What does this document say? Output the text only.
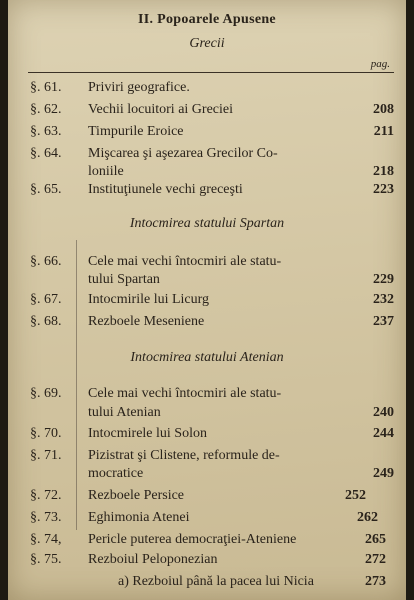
II. Popoarele Apusene
Grecii
pag.
§. 61. Priviri geografice.
§. 62. Vechii locuitori ai Greciei	208
§. 63. Timpurile Eroice	211
§. 64. Mişcarea şi aşezarea Grecilor Co-
loniile	218
§. 65. Instituţiunele vechi greceşti	223
Intocmirea statului Spartan
§. 66. Cele mai vechi întocmiri ale statu-
tului Spartan	229
§. 67. Intocmirile lui Licurg	232
§. 68. Rezboele Meseniene	237
Intocmirea statului Atenian
§. 69. Cele mai vechi întocmiri ale statu-
tului Atenian	240
§. 70. Intocmirele lui Solon	244
§. 71. Pizistrat şi Clistene, reformule de-
mocratice	249
§. 72. Rezboele Persice	252
§. 73. Eghimonia Atenei	262
§. 74, Pericle puterea democraţiei-Ateniene	265
§. 75. Rezboiul Peloponezian	272
a) Rezboiul până la pacea lui Nicia	273
